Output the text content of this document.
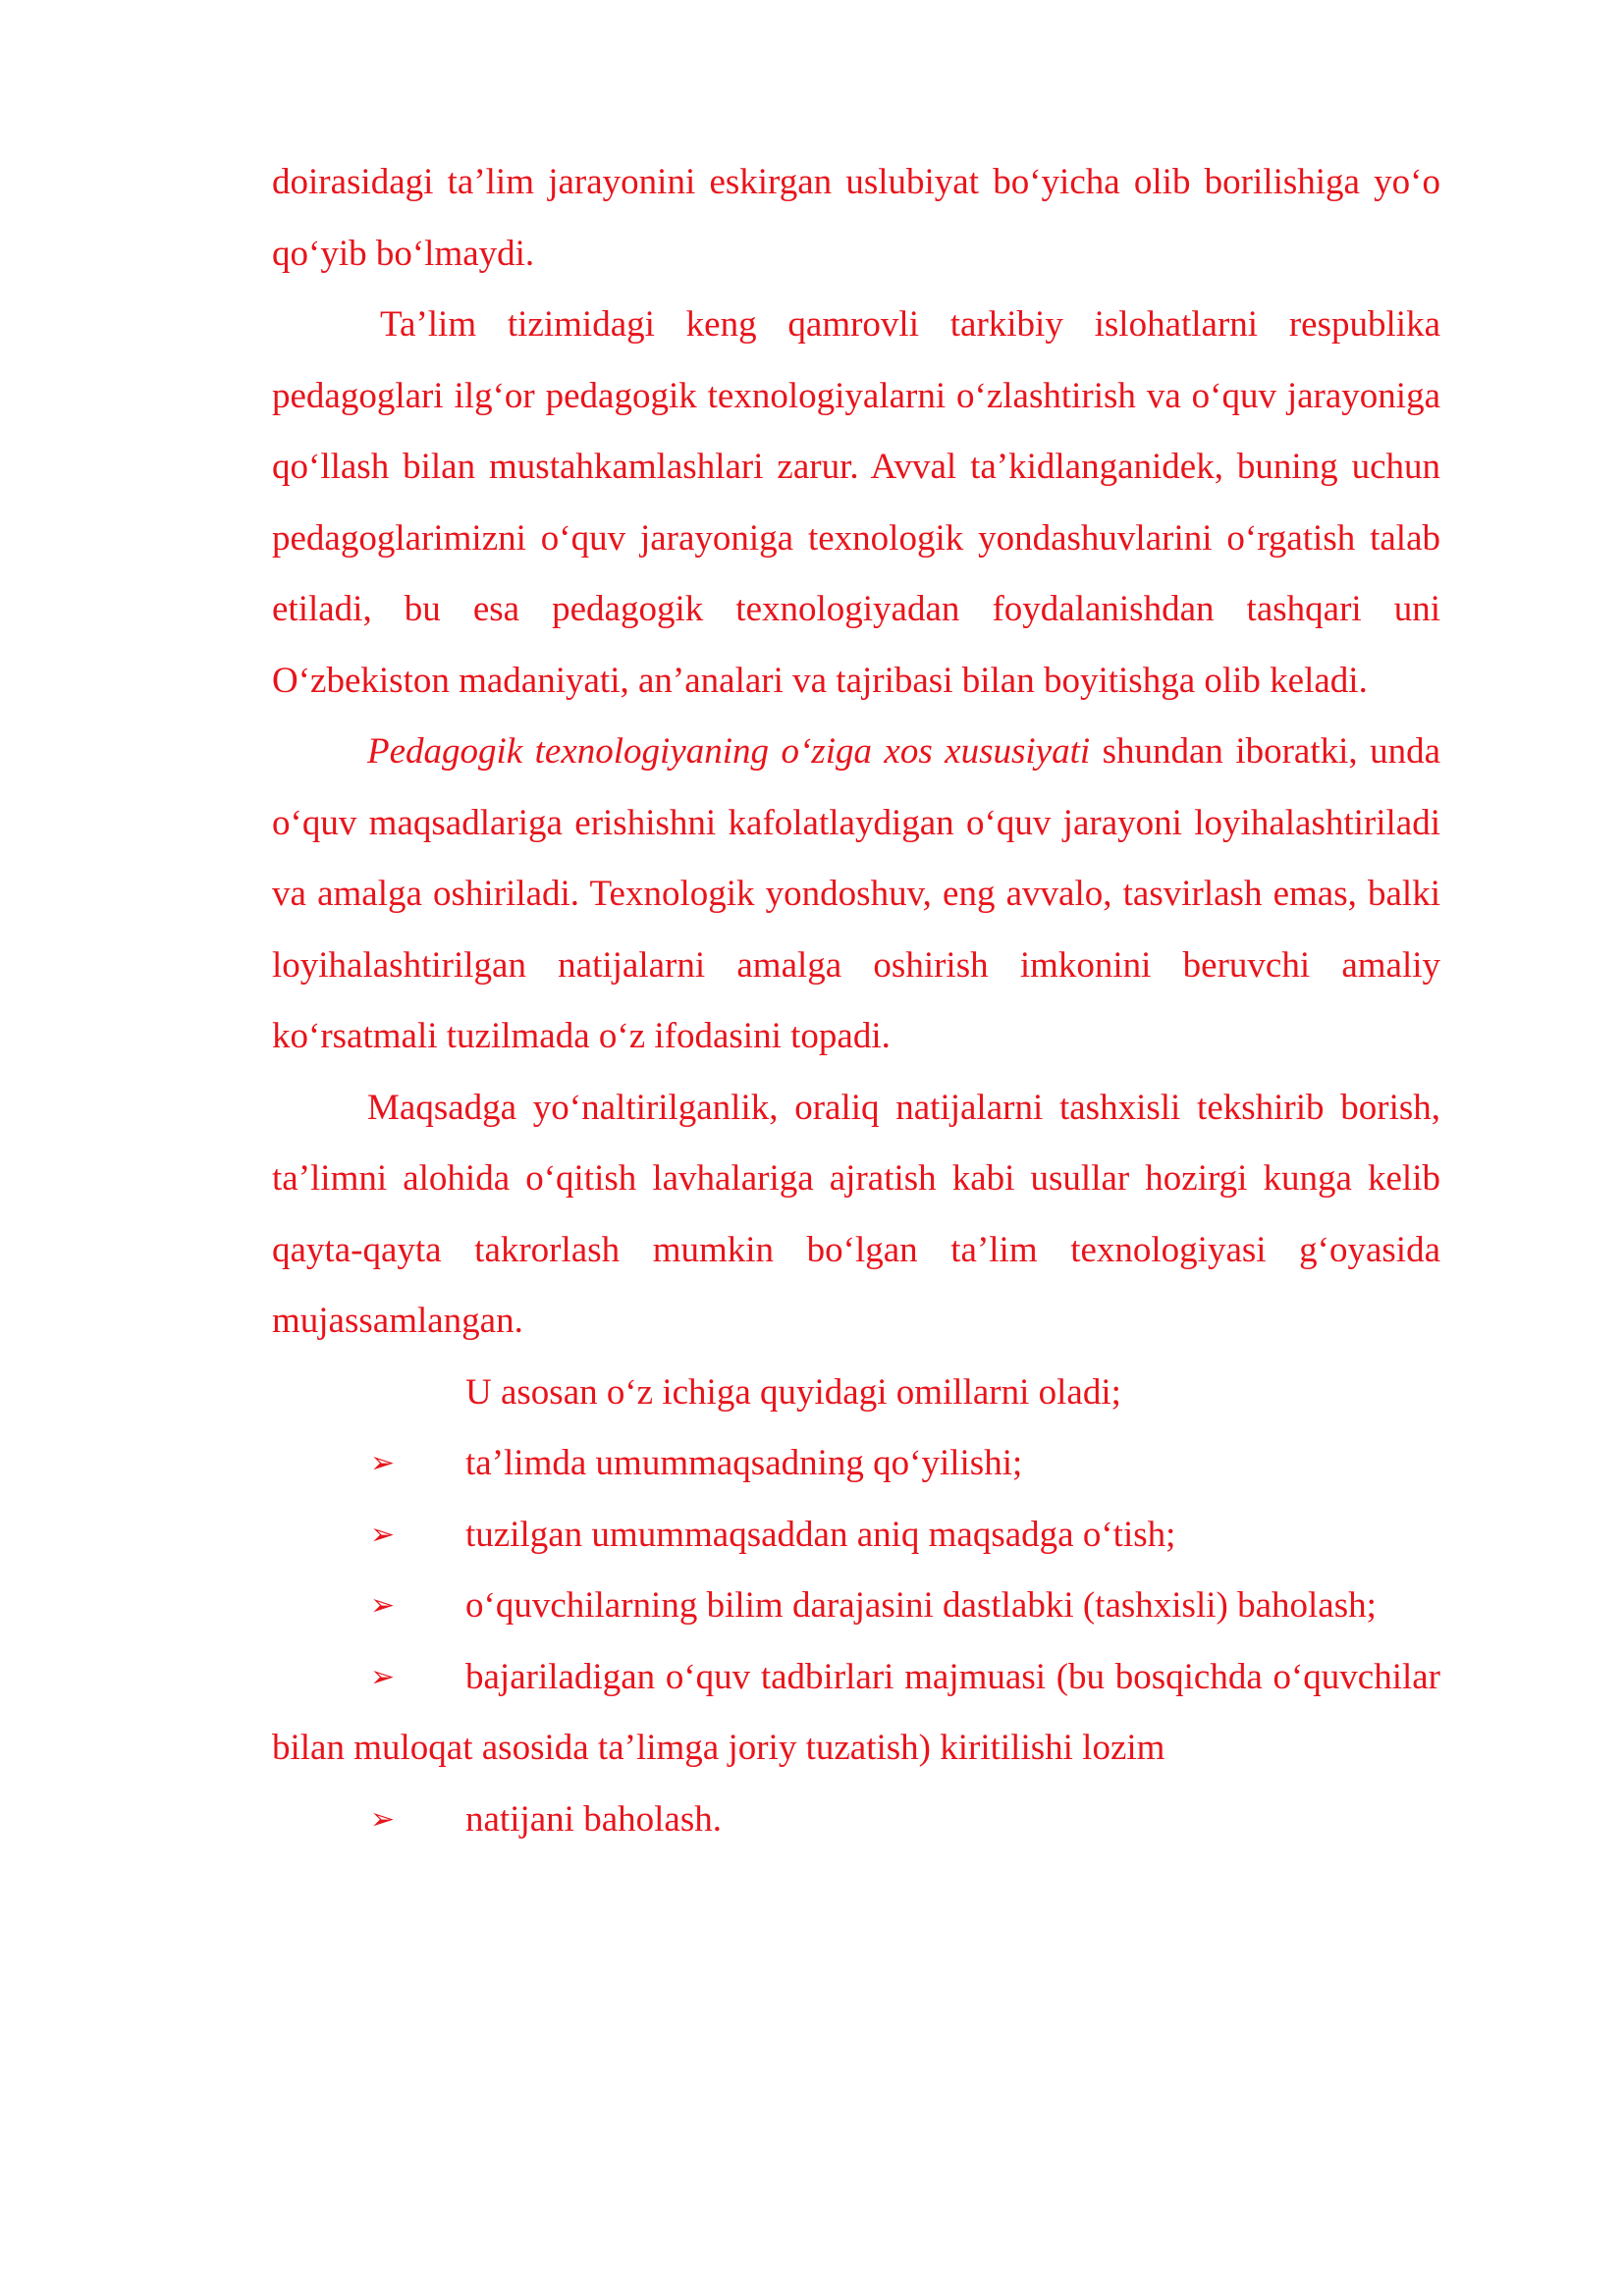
doirasidagi ta’lim jarayonini eskirgan uslubiyat bo‘yicha olib borilishiga yo‘o qo‘yib bo‘lmaydi.

Ta’lim tizimidagi keng qamrovli tarkibiy islohatlarni respublika pedagoglari ilg‘or pedagogik texnologiyalarni o‘zlashtirish va o‘quv jarayoniga qo‘llash bilan mustahkamlashlari zarur. Avval ta’kidlanganidek, buning uchun pedagoglarimizni o‘quv jarayoniga texnologik yondashuvlarini o‘rgatish talab etiladi, bu esa pedagogik texnologiyadan foydalanishdan tashqari uni O‘zbekiston madaniyati, an’analari va tajribasi bilan boyitishga olib keladi.

Pedagogik texnologiyaning o‘ziga xos xususiyati shundan iboratki, unda o‘quv maqsadlariga erishishni kafolatlaydigan o‘quv jarayoni loyihalashtiriladi va amalga oshiriladi. Texnologik yondoshuv, eng avvalo, tasvirlash emas, balki loyihalashtirilgan natijalarni amalga oshirish imkonini beruvchi amaliy ko‘rsatmali tuzilmada o‘z ifodasini topadi.

Maqsadga yo‘naltirilganlik, oraliq natijalarni tashxisli tekshirib borish, ta’limni alohida o‘qitish lavhalariga ajratish kabi usullar hozirgi kunga kelib qayta-qayta takrorlash mumkin bo‘lgan ta’lim texnologiyasi g‘oyasida mujassamlangan.

U asosan o‘z ichiga quyidagi omillarni oladi;

➢ ta’limda umummaqsadning qo‘yilishi;

➢ tuzilgan umummaqsaddan aniq maqsadga o‘tish;

➢ o‘quvchilarning bilim darajasini dastlabki (tashxisli) baholash;

➢ bajariladigan o‘quv tadbirlari majmuasi (bu bosqichda o‘quvchilar bilan muloqat asosida ta’limga joriy tuzatish) kiritilishi lozim

➢ natijani baholash.
